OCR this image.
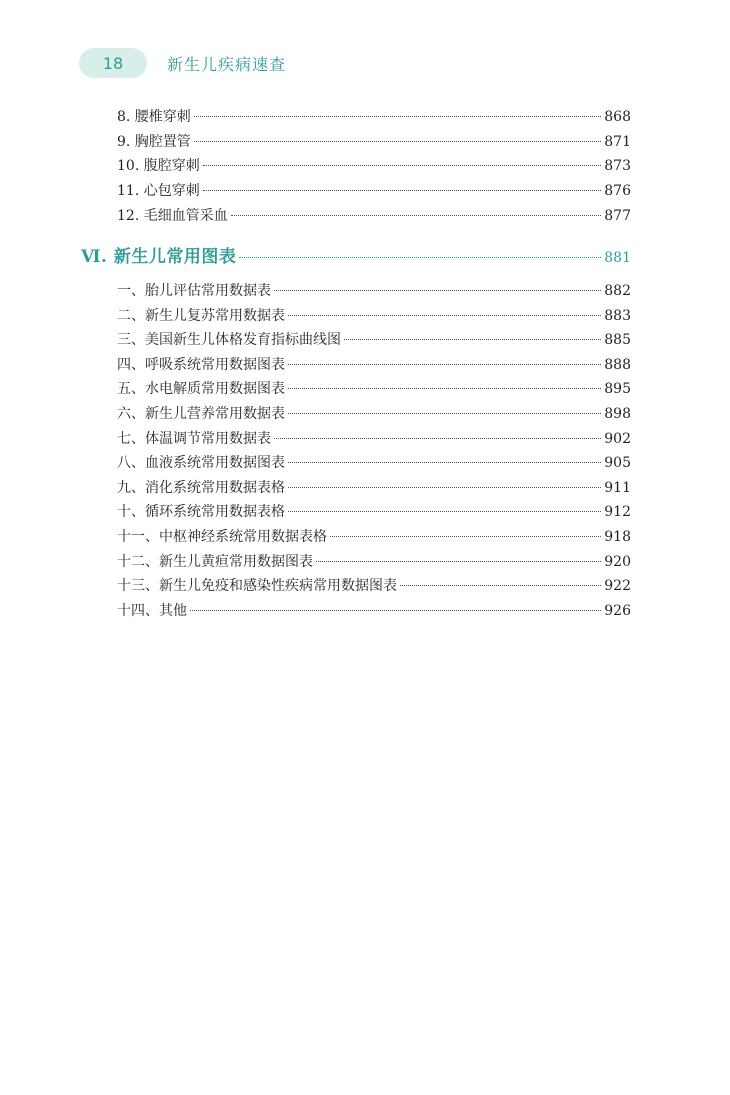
18	新生儿疾病速查
8. 腰椎穿刺	868
9. 胸腔置管	871
10. 腹腔穿刺	873
11. 心包穿刺	876
12. 毛细血管采血	877
Ⅵ. 新生儿常用图表	881
一、胎儿评估常用数据表	882
二、新生儿复苏常用数据表	883
三、美国新生儿体格发育指标曲线图	885
四、呼吸系统常用数据图表	888
五、水电解质常用数据图表	895
六、新生儿营养常用数据表	898
七、体温调节常用数据表	902
八、血液系统常用数据图表	905
九、消化系统常用数据表格	911
十、循环系统常用数据表格	912
十一、中枢神经系统常用数据表格	918
十二、新生儿黄疸常用数据图表	920
十三、新生儿免疫和感染性疾病常用数据图表	922
十四、其他	926
